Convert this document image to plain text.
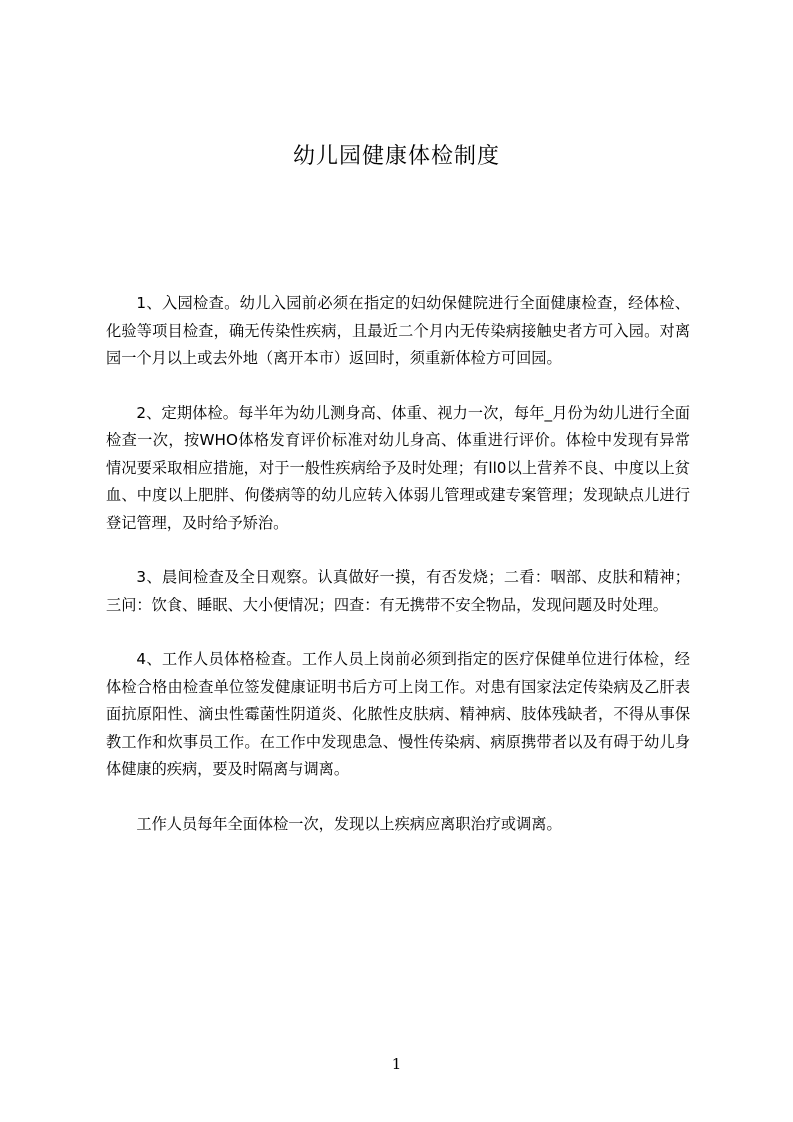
幼儿园健康体检制度

1、入园检查。幼儿入园前必须在指定的妇幼保健院进行全面健康检查，经体检、化验等项目检查，确无传染性疾病，且最近二个月内无传染病接触史者方可入园。对离园一个月以上或去外地（离开本市）返回时，须重新体检方可回园。

2、定期体检。每半年为幼儿测身高、体重、视力一次，每年_月份为幼儿进行全面检查一次，按WHO体格发育评价标准对幼儿身高、体重进行评价。体检中发现有异常情况要采取相应措施，对于一般性疾病给予及时处理；有ll0以上营养不良、中度以上贫血、中度以上肥胖、佝偻病等的幼儿应转入体弱儿管理或建专案管理；发现缺点儿进行登记管理，及时给予矫治。

3、晨间检查及全日观察。认真做好一摸，有否发烧；二看：咽部、皮肤和精神；三问：饮食、睡眠、大小便情况；四查：有无携带不安全物品，发现问题及时处理。

4、工作人员体格检查。工作人员上岗前必须到指定的医疗保健单位进行体检，经体检合格由检查单位签发健康证明书后方可上岗工作。对患有国家法定传染病及乙肝表面抗原阳性、滴虫性霉菌性阴道炎、化脓性皮肤病、精神病、肢体残缺者，不得从事保教工作和炊事员工作。在工作中发现患急、慢性传染病、病原携带者以及有碍于幼儿身体健康的疾病，要及时隔离与调离。

工作人员每年全面体检一次，发现以上疾病应离职治疗或调离。

1
